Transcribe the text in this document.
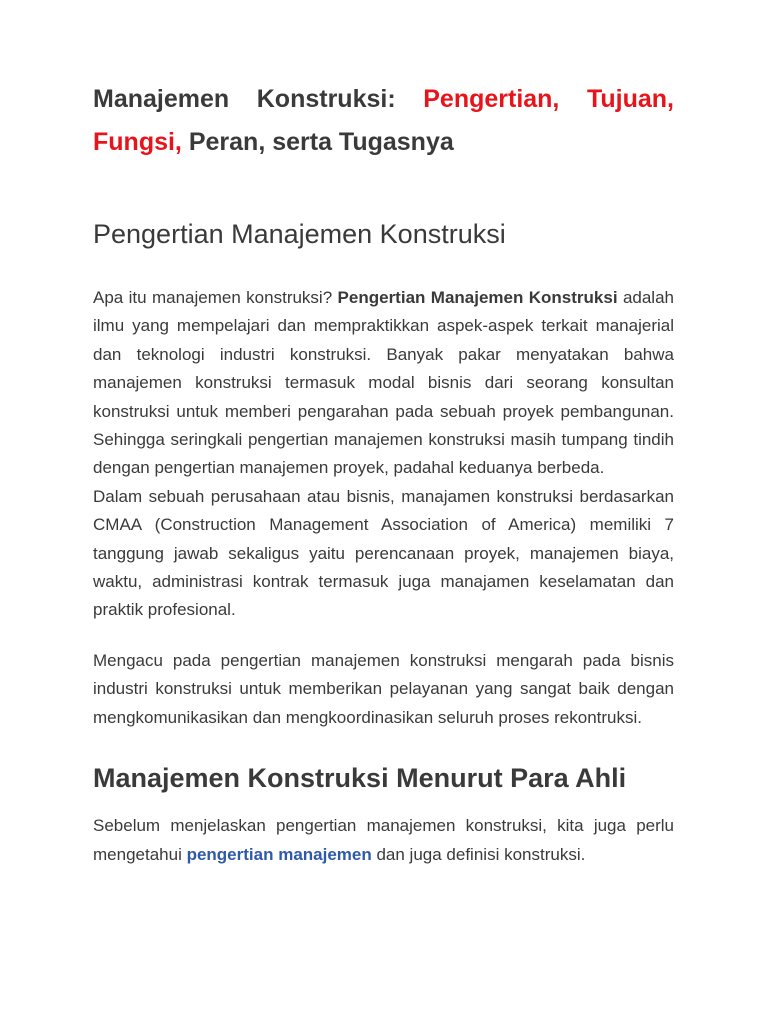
Manajemen Konstruksi: Pengertian, Tujuan, Fungsi, Peran, serta Tugasnya
Pengertian Manajemen Konstruksi

Apa itu manajemen konstruksi? Pengertian Manajemen Konstruksi adalah ilmu yang mempelajari dan mempraktikkan aspek-aspek terkait manajerial dan teknologi industri konstruksi. Banyak pakar menyatakan bahwa manajemen konstruksi termasuk modal bisnis dari seorang konsultan konstruksi untuk memberi pengarahan pada sebuah proyek pembangunan. Sehingga seringkali pengertian manajemen konstruksi masih tumpang tindih dengan pengertian manajemen proyek, padahal keduanya berbeda.

Dalam sebuah perusahaan atau bisnis, manajamen konstruksi berdasarkan CMAA (Construction Management Association of America) memiliki 7 tanggung jawab sekaligus yaitu perencanaan proyek, manajemen biaya, waktu, administrasi kontrak termasuk juga manajamen keselamatan dan praktik profesional.

Mengacu pada pengertian manajemen konstruksi mengarah pada bisnis industri konstruksi untuk memberikan pelayanan yang sangat baik dengan mengkomunikasikan dan mengkoordinasikan seluruh proses rekontruksi.

Manajemen Konstruksi Menurut Para Ahli

Sebelum menjelaskan pengertian manajemen konstruksi, kita juga perlu mengetahui pengertian manajemen dan juga definisi konstruksi.
